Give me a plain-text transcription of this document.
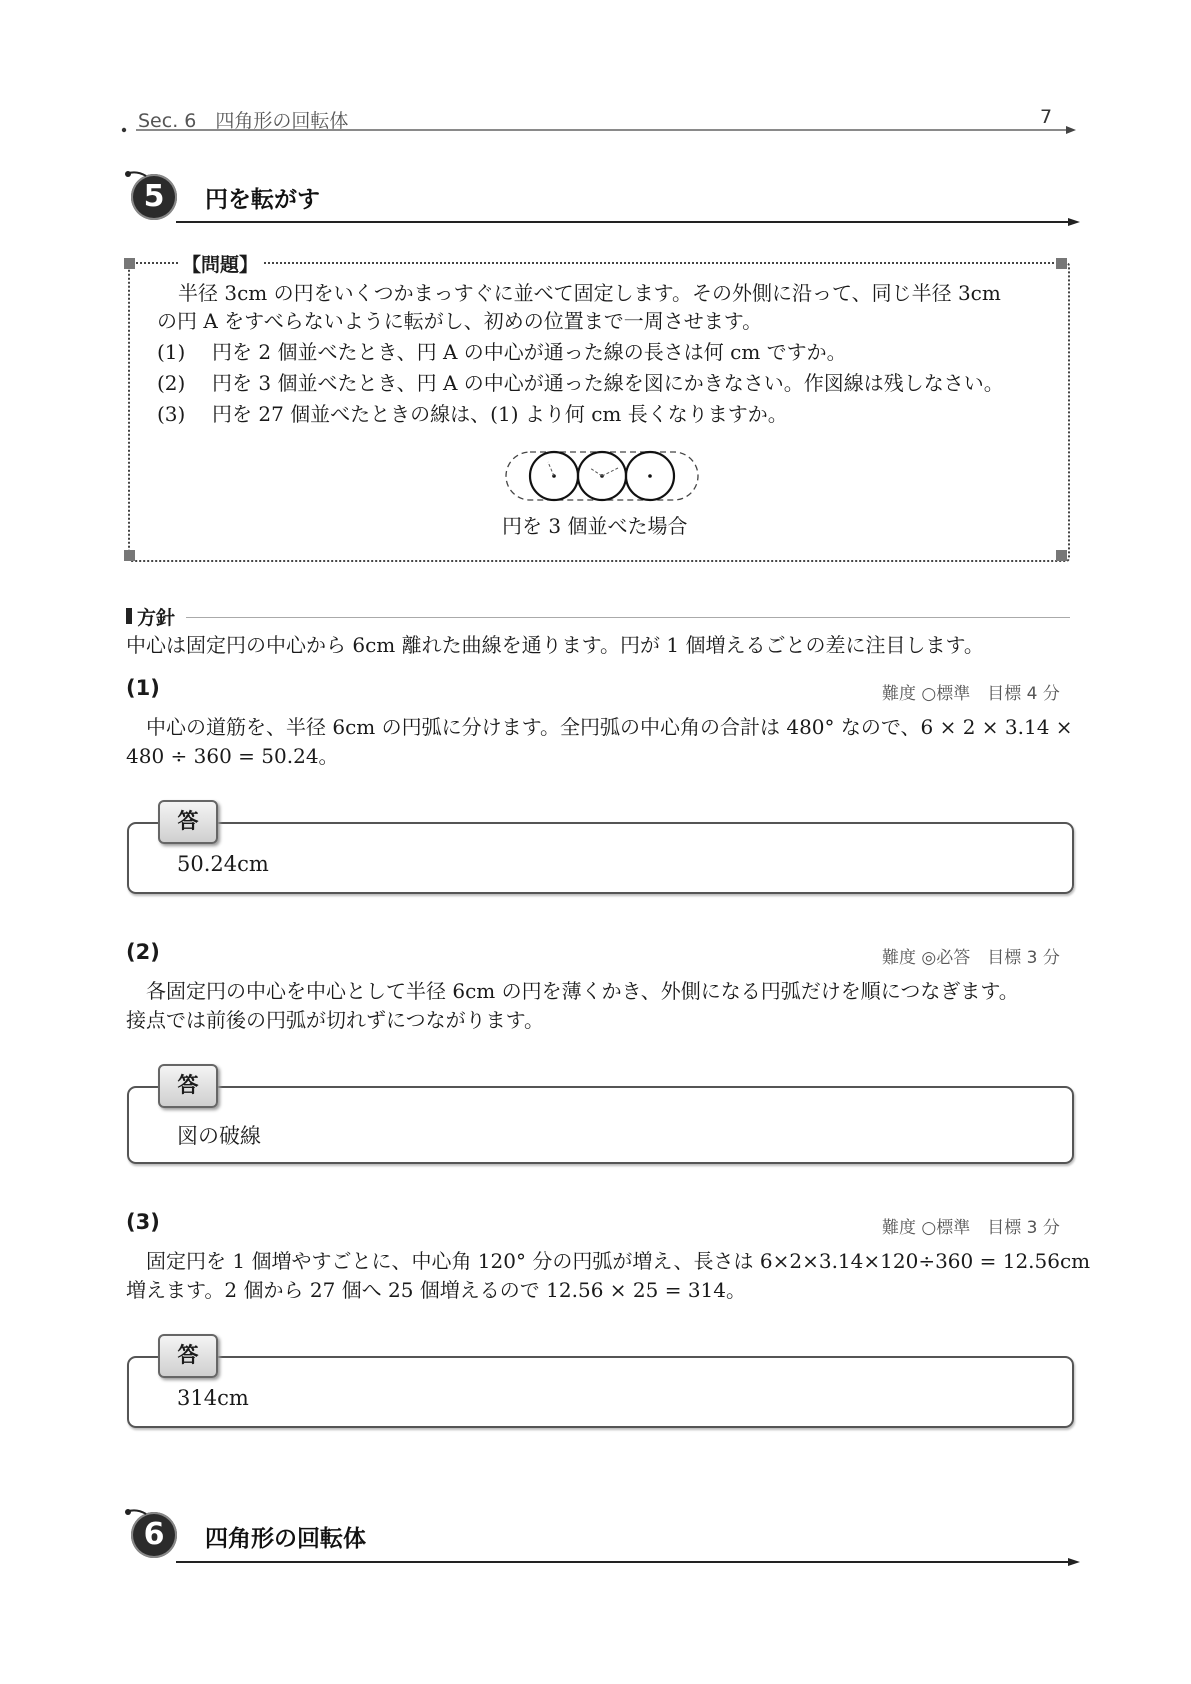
Sec. 6　四角形の回転体	7
5	円を転がす
【問題】
半径 3cm の円をいくつかまっすぐに並べて固定します。その外側に沿って、同じ半径 3cm
の円 A をすべらないように転がし、初めの位置まで一周させます。
(1) 円を 2 個並べたとき、円 A の中心が通った線の長さは何 cm ですか。
(2) 円を 3 個並べたとき、円 A の中心が通った線を図にかきなさい。作図線は残しなさい。
(3) 円を 27 個並べたときの線は、(1) より何 cm 長くなりますか。
円を 3 個並べた場合
方針
中心は固定円の中心から 6cm 離れた曲線を通ります。円が 1 個増えるごとの差に注目します。
(1)	難度 ○標準　目標 4 分
中心の道筋を、半径 6cm の円弧に分けます。全円弧の中心角の合計は 480° なので、6 × 2 × 3.14 ×
480 ÷ 360 = 50.24。
答
50.24cm
(2)	難度 ◎必答　目標 3 分
各固定円の中心を中心として半径 6cm の円を薄くかき、外側になる円弧だけを順につなぎます。
接点では前後の円弧が切れずにつながります。
答
図の破線
(3)	難度 ○標準　目標 3 分
固定円を 1 個増やすごとに、中心角 120° 分の円弧が増え、長さは 6×2×3.14×120÷360 = 12.56cm
増えます。2 個から 27 個へ 25 個増えるので 12.56 × 25 = 314。
答
314cm
6	四角形の回転体
